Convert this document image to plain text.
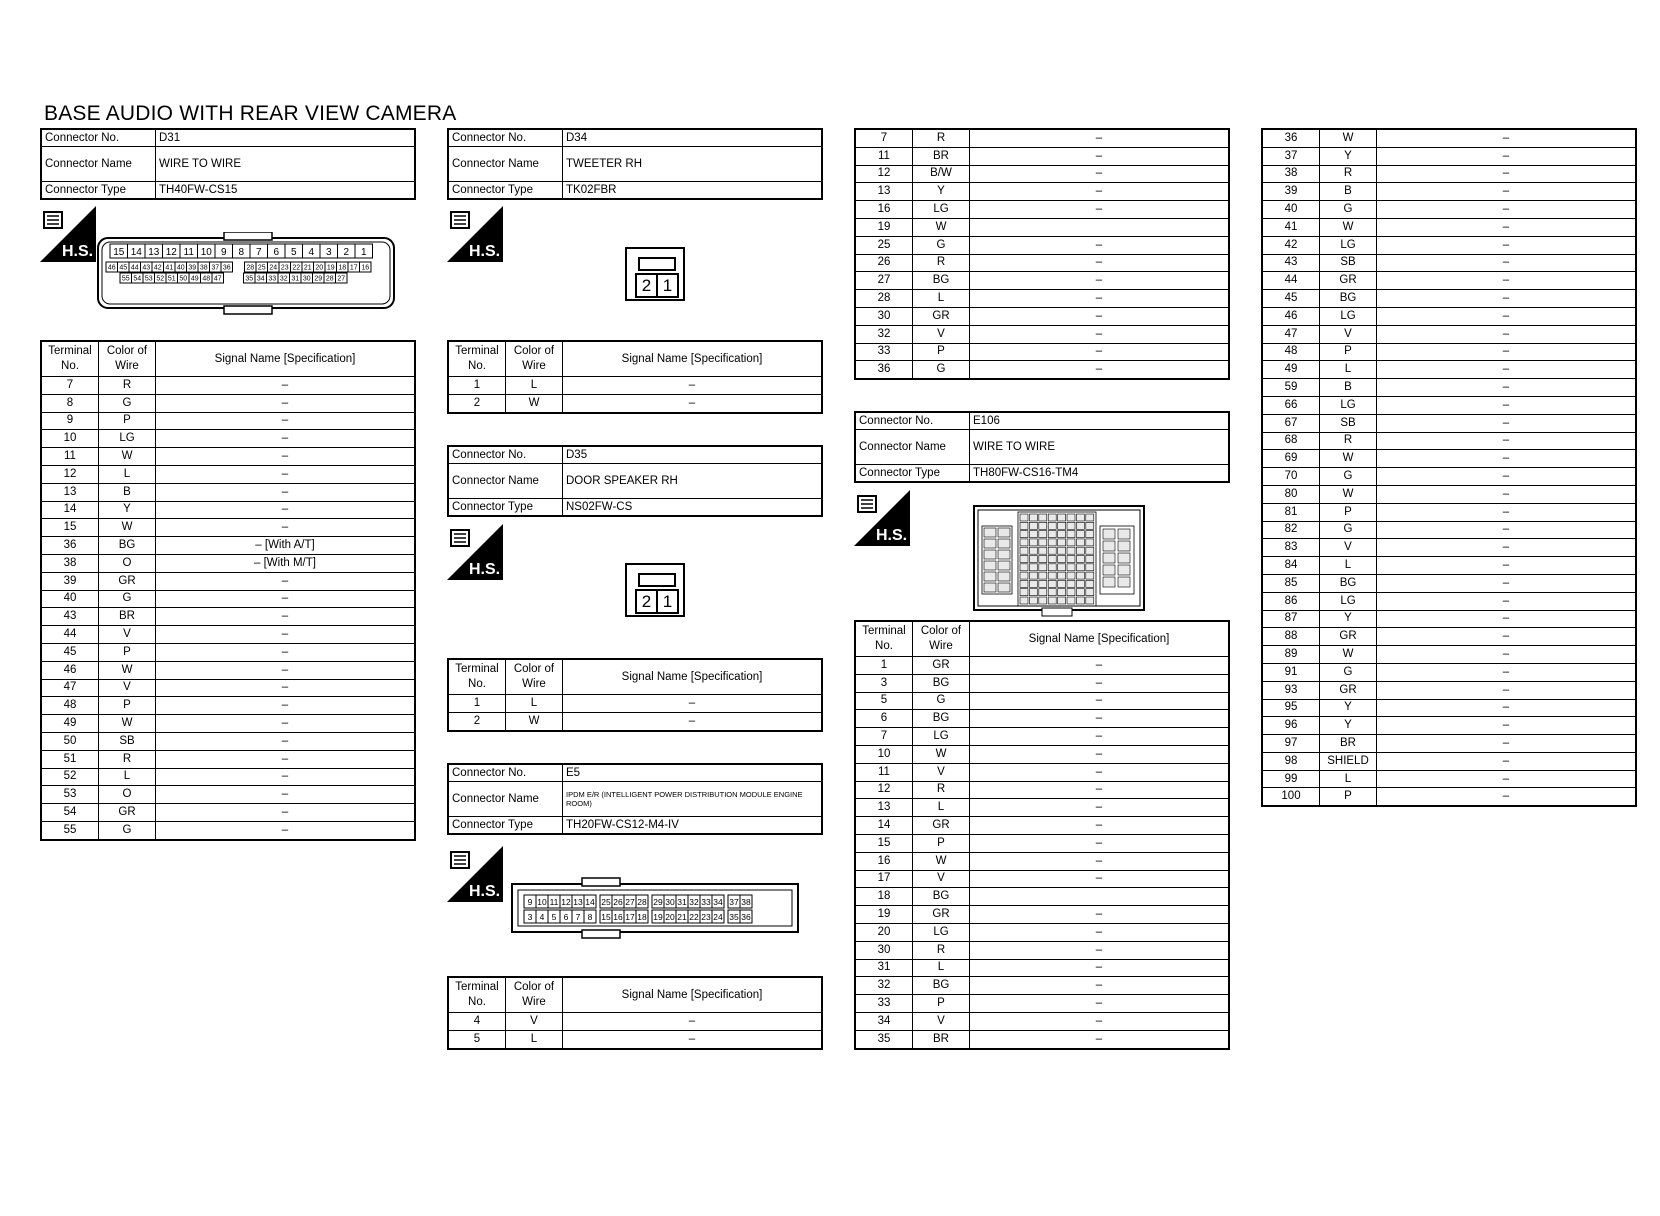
BASE AUDIO WITH REAR VIEW CAMERA
Connector No.	D31
Connector Name	WIRE TO WIRE
Connector Type	TH40FW-CS15
H.S. 15 14 13 12 11 10 9 8 7 6 5 4 3 2 1
46 45 44 43 42 41 40 39 38 37 36 28 25 24 23 22 21 20 19 18 17 16
55 54 53 52 51 50 49 48 47	35 34 33 32 31 30 29 28 27
Terminal No.	Color of Wire	Signal Name [Specification]
7	R	–
8	G	–
9	P	–
10	LG	–
11	W	–
12	L	–
13	B	–
14	Y	–
15	W	–
36	BG	– [With A/T]
38	O	– [With M/T]
39	GR	–
40	G	–
43	BR	–
44	V	–
45	P	–
46	W	–
47	V	–
48	P	–
49	W	–
50	SB	–
51	R	–
52	L	–
53	O	–
54	GR	–
55	G	–
Connector No.	D34
Connector Name	TWEETER RH
Connector Type	TK02FBR
H.S.
2 1
Terminal No.	Color of Wire	Signal Name [Specification]
1	L	–
2	W	–
Connector No.	D35
Connector Name	DOOR SPEAKER RH
Connector Type	NS02FW-CS
H.S.
2 1
Terminal No.	Color of Wire	Signal Name [Specification]
1	L	–
2	W	–
Connector No.	E5
Connector Name	IPDM E/R (INTELLIGENT POWER DISTRIBUTION MODULE ENGINE ROOM)
Connector Type	TH20FW-CS12-M4-IV
H.S.
9 10 11 12 13 14 25 26 27 28 29 30 31 32 33 34 37 38
3 4 5 6 7 8 15 16 17 18 19 20 21 22 23 24 35 36
Terminal No.	Color of Wire	Signal Name [Specification]
4	V	–
5	L	–
7	R	–
11	BR	–
12	B/W	–
13	Y	–
16	LG	–
19	W	
25	G	–
26	R	–
27	BG	–
28	L	–
30	GR	–
32	V	–
33	P	–
36	G	–
Connector No.	E106
Connector Name	WIRE TO WIRE
Connector Type	TH80FW-CS16-TM4
H.S.
Terminal No.	Color of Wire	Signal Name [Specification]
1	GR	–
3	BG	–
5	G	–
6	BG	–
7	LG	–
10	W	–
11	V	–
12	R	–
13	L	–
14	GR	–
15	P	–
16	W	–
17	V	–
18	BG	
19	GR	–
20	LG	–
30	R	–
31	L	–
32	BG	–
33	P	–
34	V	–
35	BR	–
36	W	–
37	Y	–
38	R	–
39	B	–
40	G	–
41	W	–
42	LG	–
43	SB	–
44	GR	–
45	BG	–
46	LG	–
47	V	–
48	P	–
49	L	–
59	B	–
66	LG	–
67	SB	–
68	R	–
69	W	–
70	G	–
80	W	–
81	P	–
82	G	–
83	V	–
84	L	–
85	BG	–
86	LG	–
87	Y	–
88	GR	–
89	W	–
91	G	–
93	GR	–
95	Y	–
96	Y	–
97	BR	–
98	SHIELD	–
99	L	–
100	P	–
